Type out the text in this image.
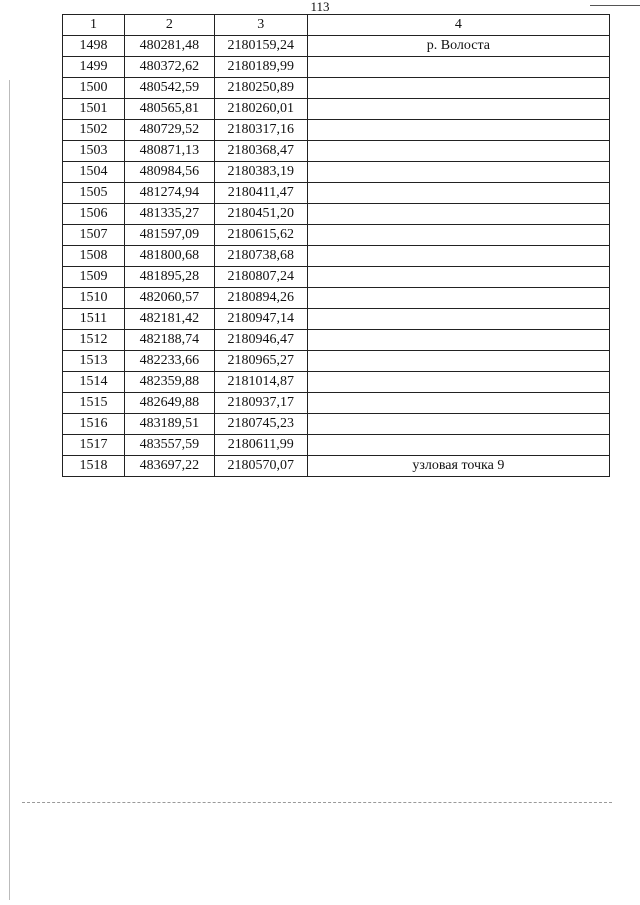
113
1	2	3	4
1498	480281,48	2180159,24	р. Волоста
1499	480372,62	2180189,99	
1500	480542,59	2180250,89	
1501	480565,81	2180260,01	
1502	480729,52	2180317,16	
1503	480871,13	2180368,47	
1504	480984,56	2180383,19	
1505	481274,94	2180411,47	
1506	481335,27	2180451,20	
1507	481597,09	2180615,62	
1508	481800,68	2180738,68	
1509	481895,28	2180807,24	
1510	482060,57	2180894,26	
1511	482181,42	2180947,14	
1512	482188,74	2180946,47	
1513	482233,66	2180965,27	
1514	482359,88	2181014,87	
1515	482649,88	2180937,17	
1516	483189,51	2180745,23	
1517	483557,59	2180611,99	
1518	483697,22	2180570,07	узловая точка 9
